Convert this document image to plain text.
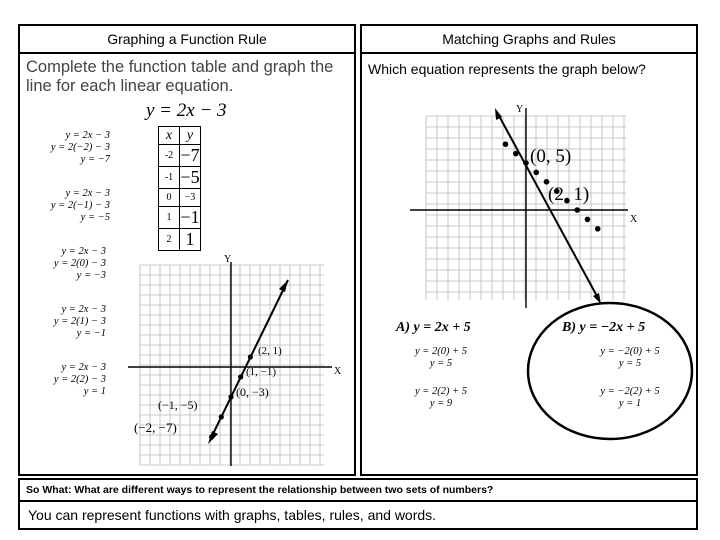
Graphing a Function Rule
Complete the function table and graph the line for each linear equation.
y = 2x − 3
x	y
-2	−7
-1	−5
0	−3
1	−1
2	1
y = 2x − 3
y = 2(−2) − 3
y = −7
y = 2x − 3
y = 2(−1) − 3
y = −5
y = 2x − 3
y = 2(0) − 3
y = −3
y = 2x − 3
y = 2(1) − 3
y = −1
y = 2x − 3
y = 2(2) − 3
y = 1
Y
X
(2, 1)
(1, −1)
(0, −3)
(−1, −5)
(−2, −7)
Matching Graphs and Rules
Which equation represents the graph below?
Y
X
(0, 5)
(2, 1)
A) y = 2x + 5
y = 2(0) + 5
y = 5
y = 2(2) + 5
y = 9
B) y = −2x + 5
y = −2(0) + 5
y = 5
y = −2(2) + 5
y = 1
So What: What are different ways to represent the relationship between two sets of numbers?
You can represent functions with graphs, tables, rules, and words.
